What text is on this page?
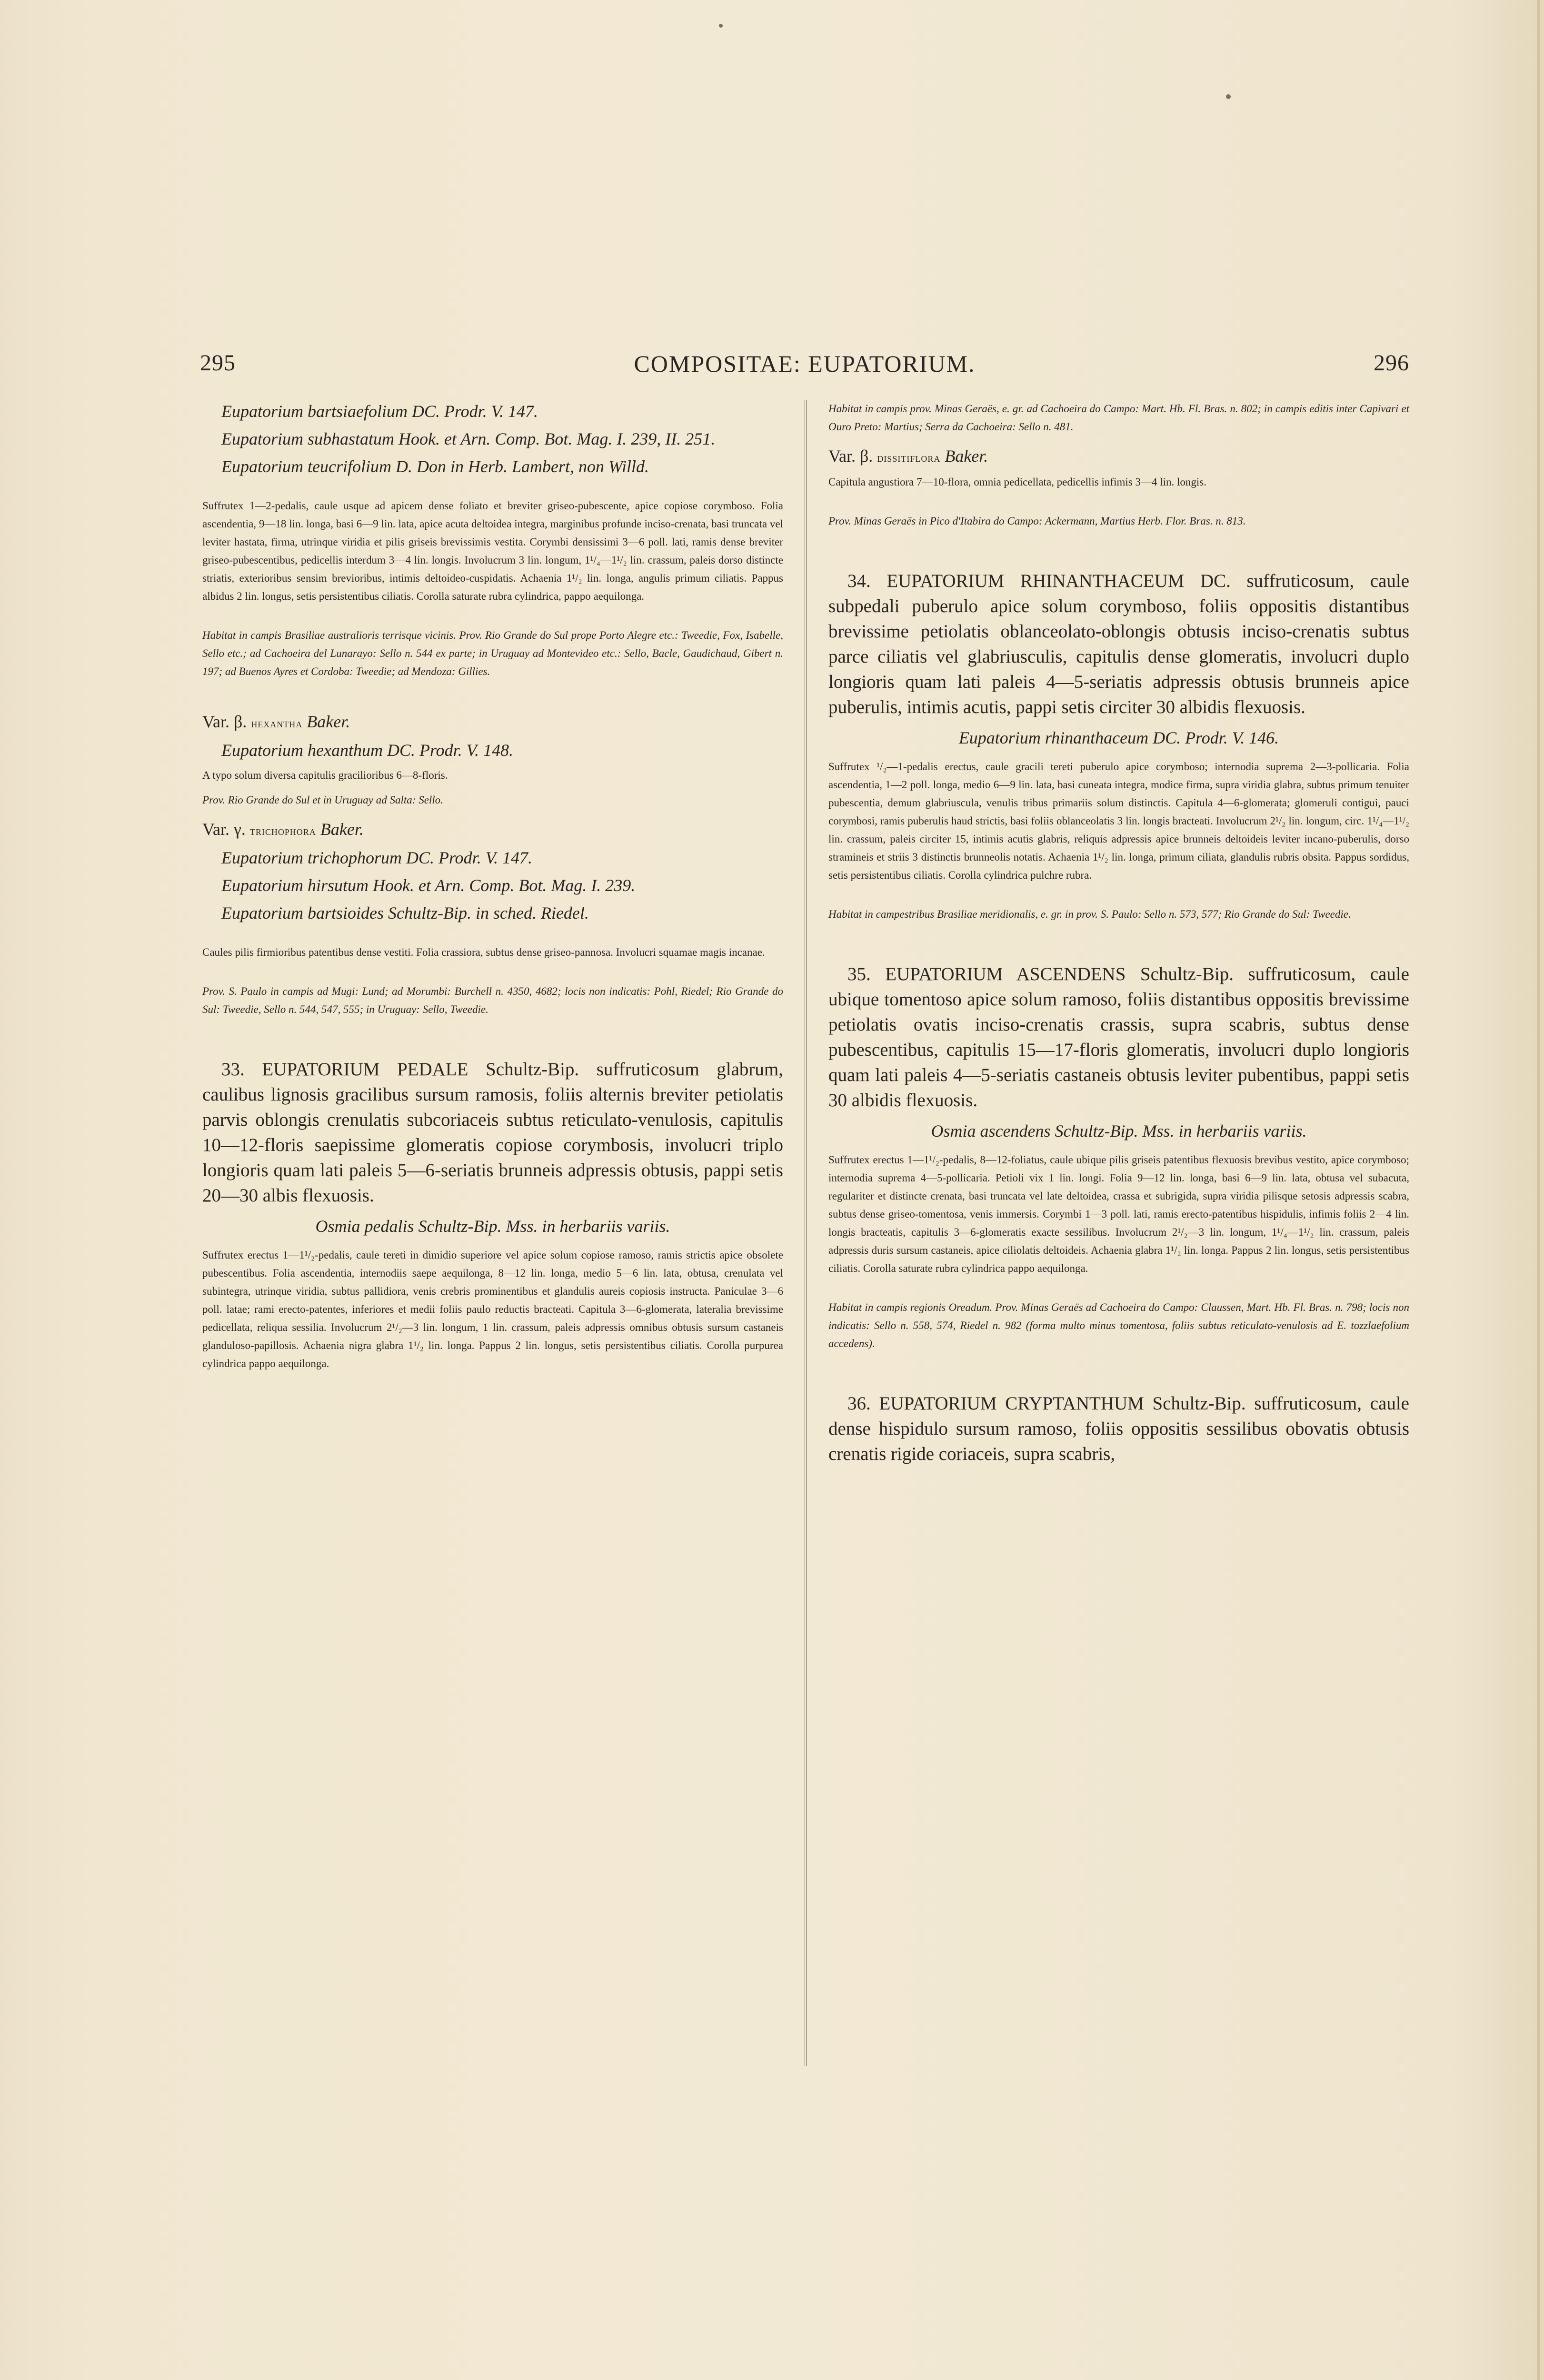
295	COMPOSITAE: EUPATORIUM.	296

Eupatorium bartsiaefolium DC. Prodr. V. 147.

Eupatorium subhastatum Hook. et Arn. Comp. Bot. Mag. I. 239, II. 251.

Eupatorium teucrifolium D. Don in Herb. Lambert, non Willd.

Suffrutex 1—2-pedalis, caule usque ad apicem dense foliato et breviter griseo-pubescente, apice copiose corymboso. Folia ascendentia, 9—18 lin. longa, basi 6—9 lin. lata, apice acuta deltoidea integra, marginibus profunde inciso-crenata, basi truncata vel leviter hastata, firma, utrinque viridia et pilis griseis brevissimis vestita. Corymbi densissimi 3—6 poll. lati, ramis dense breviter griseo-pubescentibus, pedicellis interdum 3—4 lin. longis. Involucrum 3 lin. longum, 1¹/₄—1¹/₂ lin. crassum, paleis dorso distincte striatis, exterioribus sensim brevioribus, intimis deltoideo-cuspidatis. Achaenia 1¹/₂ lin. longa, angulis primum ciliatis. Pappus albidus 2 lin. longus, setis persistentibus ciliatis. Corolla saturate rubra cylindrica, pappo aequilonga.

Habitat in campis Brasiliae australioris terrisque vicinis. Prov. Rio Grande do Sul prope Porto Alegre etc.: Tweedie, Fox, Isabelle, Sello etc.; ad Cachoeira del Lunarayo: Sello n. 544 ex parte; in Uruguay ad Montevideo etc.: Sello, Bacle, Gaudichaud, Gibert n. 197; ad Buenos Ayres et Cordoba: Tweedie; ad Mendoza: Gillies.

Var. β. hexantha Baker.

Eupatorium hexanthum DC. Prodr. V. 148.

A typo solum diversa capitulis gracilioribus 6—8-floris.

Prov. Rio Grande do Sul et in Uruguay ad Salta: Sello.

Var. γ. trichophora Baker.

Eupatorium trichophorum DC. Prodr. V. 147.

Eupatorium hirsutum Hook. et Arn. Comp. Bot. Mag. I. 239.

Eupatorium bartsioides Schultz-Bip. in sched. Riedel.

Caules pilis firmioribus patentibus dense vestiti. Folia crassiora, subtus dense griseo-pannosa. Involucri squamae magis incanae.

Prov. S. Paulo in campis ad Mugi: Lund; ad Morumbi: Burchell n. 4350, 4682; locis non indicatis: Pohl, Riedel; Rio Grande do Sul: Tweedie, Sello n. 544, 547, 555; in Uruguay: Sello, Tweedie.

33. EUPATORIUM PEDALE Schultz-Bip. suffruticosum glabrum, caulibus lignosis gracilibus sursum ramosis, foliis alternis breviter petiolatis parvis oblongis crenulatis subcoriaceis subtus reticulato-venulosis, capitulis 10—12-floris saepissime glomeratis copiose corymbosis, involucri triplo longioris quam lati paleis 5—6-seriatis brunneis adpressis obtusis, pappi setis 20—30 albis flexuosis.

Osmia pedalis Schultz-Bip. Mss. in herbariis variis.

Suffrutex erectus 1—1¹/₂-pedalis, caule tereti in dimidio superiore vel apice solum copiose ramoso, ramis strictis apice obsolete pubescentibus. Folia ascendentia, internodiis saepe aequilonga, 8—12 lin. longa, medio 5—6 lin. lata, obtusa, crenulata vel subintegra, utrinque viridia, subtus pallidiora, venis crebris prominentibus et glandulis aureis copiosis instructa. Paniculae 3—6 poll. latae; rami erecto-patentes, inferiores et medii foliis paulo reductis bracteati. Capitula 3—6-glomerata, lateralia brevissime pedicellata, reliqua sessilia. Involucrum 2¹/₂—3 lin. longum, 1 lin. crassum, paleis adpressis omnibus obtusis sursum castaneis glanduloso-papillosis. Achaenia nigra glabra 1¹/₂ lin. longa. Pappus 2 lin. longus, setis persistentibus ciliatis. Corolla purpurea cylindrica pappo aequilonga.

Habitat in campis prov. Minas Geraës, e. gr. ad Cachoeira do Campo: Mart. Hb. Fl. Bras. n. 802; in campis editis inter Capivari et Ouro Preto: Martius; Serra da Cachoeira: Sello n. 481.

Var. β. dissitiflora Baker.

Capitula angustiora 7—10-flora, omnia pedicellata, pedicellis infimis 3—4 lin. longis.

Prov. Minas Geraës in Pico d'Itabira do Campo: Ackermann, Martius Herb. Flor. Bras. n. 813.

34. EUPATORIUM RHINANTHACEUM DC. suffruticosum, caule subpedali puberulo apice solum corymboso, foliis oppositis distantibus brevissime petiolatis oblanceolato-oblongis obtusis inciso-crenatis subtus parce ciliatis vel glabriusculis, capitulis dense glomeratis, involucri duplo longioris quam lati paleis 4—5-seriatis adpressis obtusis brunneis apice puberulis, intimis acutis, pappi setis circiter 30 albidis flexuosis.

Eupatorium rhinanthaceum DC. Prodr. V. 146.

Suffrutex ¹/₂—1-pedalis erectus, caule gracili tereti puberulo apice corymboso; internodia suprema 2—3-pollicaria. Folia ascendentia, 1—2 poll. longa, medio 6—9 lin. lata, basi cuneata integra, modice firma, supra viridia glabra, subtus primum tenuiter pubescentia, demum glabriuscula, venulis tribus primariis solum distinctis. Capitula 4—6-glomerata; glomeruli contigui, pauci corymbosi, ramis puberulis haud strictis, basi foliis oblanceolatis 3 lin. longis bracteati. Involucrum 2¹/₂ lin. longum, circ. 1¹/₄—1¹/₂ lin. crassum, paleis circiter 15, intimis acutis glabris, reliquis adpressis apice brunneis deltoideis leviter incano-puberulis, dorso stramineis et striis 3 distinctis brunneolis notatis. Achaenia 1¹/₂ lin. longa, primum ciliata, glandulis rubris obsita. Pappus sordidus, setis persistentibus ciliatis. Corolla cylindrica pulchre rubra.

Habitat in campestribus Brasiliae meridionalis, e. gr. in prov. S. Paulo: Sello n. 573, 577; Rio Grande do Sul: Tweedie.

35. EUPATORIUM ASCENDENS Schultz-Bip. suffruticosum, caule ubique tomentoso apice solum ramoso, foliis distantibus oppositis brevissime petiolatis ovatis inciso-crenatis crassis, supra scabris, subtus dense pubescentibus, capitulis 15—17-floris glomeratis, involucri duplo longioris quam lati paleis 4—5-seriatis castaneis obtusis leviter pubentibus, pappi setis 30 albidis flexuosis.

Osmia ascendens Schultz-Bip. Mss. in herbariis variis.

Suffrutex erectus 1—1¹/₂-pedalis, 8—12-foliatus, caule ubique pilis griseis patentibus flexuosis brevibus vestito, apice corymboso; internodia suprema 4—5-pollicaria. Petioli vix 1 lin. longi. Folia 9—12 lin. longa, basi 6—9 lin. lata, obtusa vel subacuta, regulariter et distincte crenata, basi truncata vel late deltoidea, crassa et subrigida, supra viridia pilisque setosis adpressis scabra, subtus dense griseo-tomentosa, venis immersis. Corymbi 1—3 poll. lati, ramis erecto-patentibus hispidulis, infimis foliis 2—4 lin. longis bracteatis, capitulis 3—6-glomeratis exacte sessilibus. Involucrum 2¹/₂—3 lin. longum, 1¹/₄—1¹/₂ lin. crassum, paleis adpressis duris sursum castaneis, apice ciliolatis deltoideis. Achaenia glabra 1¹/₂ lin. longa. Pappus 2 lin. longus, setis persistentibus ciliatis. Corolla saturate rubra cylindrica pappo aequilonga.

Habitat in campis regionis Oreadum. Prov. Minas Geraës ad Cachoeira do Campo: Claussen, Mart. Hb. Fl. Bras. n. 798; locis non indicatis: Sello n. 558, 574, Riedel n. 982 (forma multo minus tomentosa, foliis subtus reticulato-venulosis ad E. tozzlaefolium accedens).

36. EUPATORIUM CRYPTANTHUM Schultz-Bip. suffruticosum, caule dense hispidulo sursum ramoso, foliis oppositis sessilibus obovatis obtusis crenatis rigide coriaceis, supra scabris,
